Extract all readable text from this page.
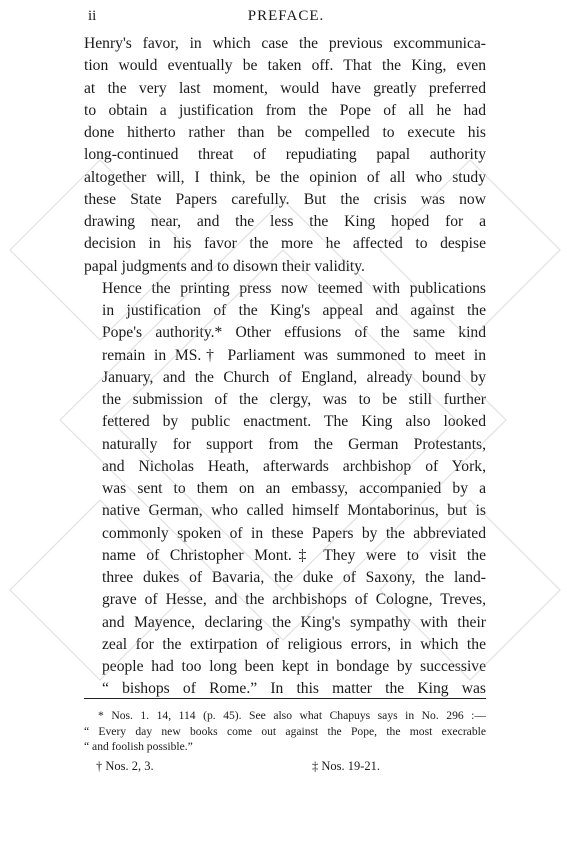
ii	PREFACE.

Henry's favor, in which case the previous excommunica-
tion would eventually be taken off. That the King, even
at the very last moment, would have greatly preferred
to obtain a justification from the Pope of all he had
done hitherto rather than be compelled to execute his
long-continued threat of repudiating papal authority
altogether will, I think, be the opinion of all who study
these State Papers carefully. But the crisis was now
drawing near, and the less the King hoped for a
decision in his favor the more he affected to despise
papal judgments and to disown their validity.

Hence the printing press now teemed with publications
in justification of the King's appeal and against the
Pope's authority.* Other effusions of the same kind
remain in MS.† Parliament was summoned to meet in
January, and the Church of England, already bound by
the submission of the clergy, was to be still further
fettered by public enactment. The King also looked
naturally for support from the German Protestants,
and Nicholas Heath, afterwards archbishop of York,
was sent to them on an embassy, accompanied by a
native German, who called himself Montaborinus, but is
commonly spoken of in these Papers by the abbreviated
name of Christopher Mont.‡ They were to visit the
three dukes of Bavaria, the duke of Saxony, the land-
grave of Hesse, and the archbishops of Cologne, Treves,
and Mayence, declaring the King's sympathy with their
zeal for the extirpation of religious errors, in which the
people had too long been kept in bondage by successive
“ bishops of Rome.” In this matter the King was

* Nos. 1. 14, 114 (p. 45). See also what Chapuys says in No. 296 :—
“ Every day new books come out against the Pope, the most execrable
“ and foolish possible.”
† Nos. 2, 3.	‡ Nos. 19-21.
